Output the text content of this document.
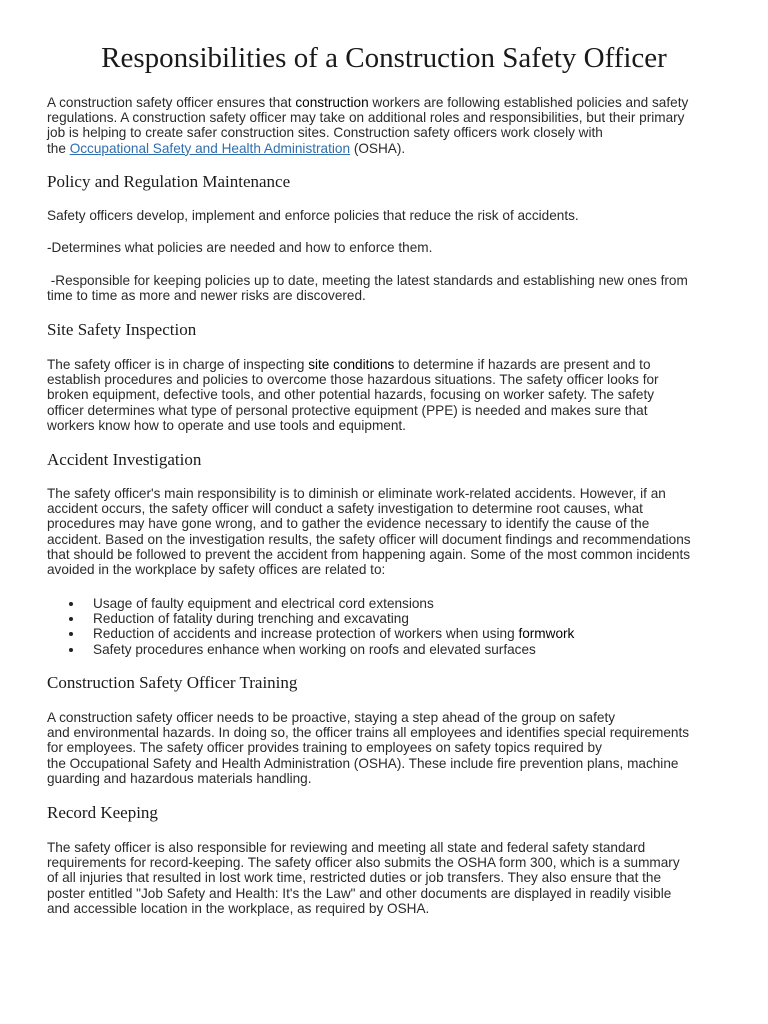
Responsibilities of a Construction Safety Officer
A construction safety officer ensures that construction workers are following established policies and safety
regulations. A construction safety officer may take on additional roles and responsibilities, but their primary
job is helping to create safer construction sites. Construction safety officers work closely with
the Occupational Safety and Health Administration (OSHA).
Policy and Regulation Maintenance
Safety officers develop, implement and enforce policies that reduce the risk of accidents.
-Determines what policies are needed and how to enforce them.
-Responsible for keeping policies up to date, meeting the latest standards and establishing new ones from
time to time as more and newer risks are discovered.
Site Safety Inspection
The safety officer is in charge of inspecting site conditions to determine if hazards are present and to
establish procedures and policies to overcome those hazardous situations. The safety officer looks for
broken equipment, defective tools, and other potential hazards, focusing on worker safety. The safety
officer determines what type of personal protective equipment (PPE) is needed and makes sure that
workers know how to operate and use tools and equipment.
Accident Investigation
The safety officer's main responsibility is to diminish or eliminate work-related accidents. However, if an
accident occurs, the safety officer will conduct a safety investigation to determine root causes, what
procedures may have gone wrong, and to gather the evidence necessary to identify the cause of the
accident. Based on the investigation results, the safety officer will document findings and recommendations
that should be followed to prevent the accident from happening again. Some of the most common incidents
avoided in the workplace by safety offices are related to:
Usage of faulty equipment and electrical cord extensions
Reduction of fatality during trenching and excavating
Reduction of accidents and increase protection of workers when using formwork
Safety procedures enhance when working on roofs and elevated surfaces
Construction Safety Officer Training
A construction safety officer needs to be proactive, staying a step ahead of the group on safety
and environmental hazards. In doing so, the officer trains all employees and identifies special requirements
for employees. The safety officer provides training to employees on safety topics required by
the Occupational Safety and Health Administration (OSHA). These include fire prevention plans, machine
guarding and hazardous materials handling.
Record Keeping
The safety officer is also responsible for reviewing and meeting all state and federal safety standard
requirements for record-keeping. The safety officer also submits the OSHA form 300, which is a summary
of all injuries that resulted in lost work time, restricted duties or job transfers. They also ensure that the
poster entitled "Job Safety and Health: It's the Law" and other documents are displayed in readily visible
and accessible location in the workplace, as required by OSHA.
